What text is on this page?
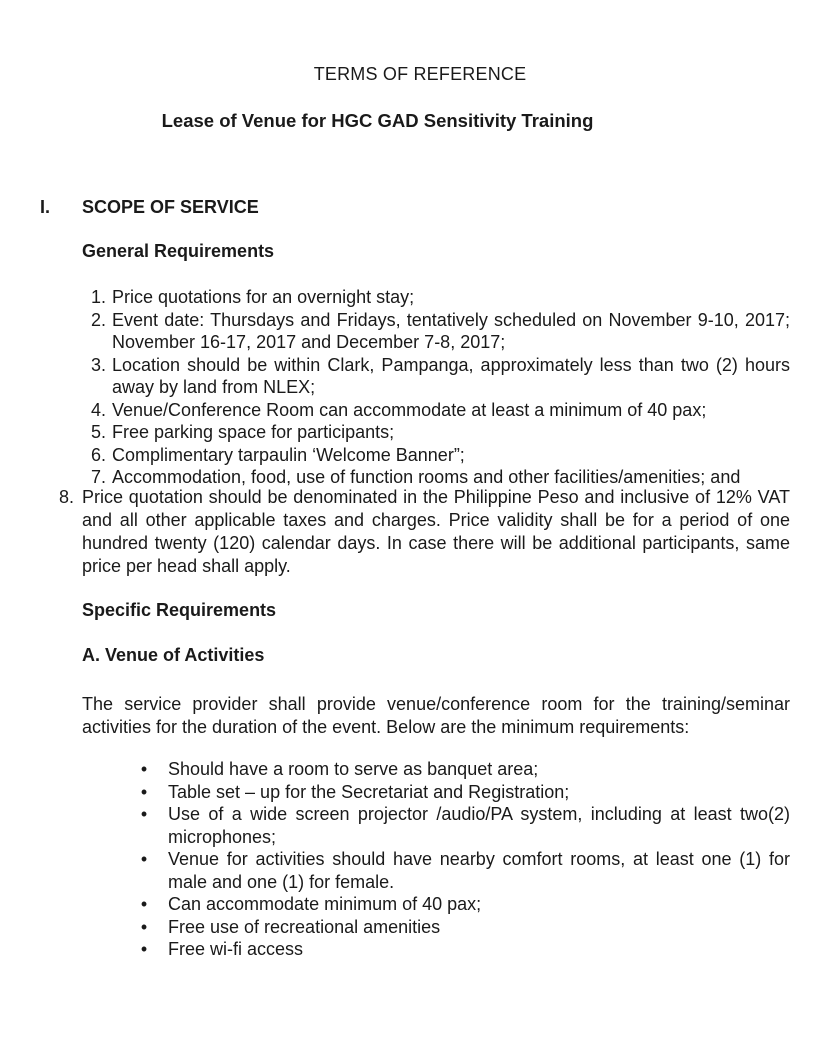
TERMS OF REFERENCE
Lease of Venue for HGC GAD Sensitivity Training
I. SCOPE OF SERVICE
General Requirements
1. Price quotations for an overnight stay;
2. Event date: Thursdays and Fridays, tentatively scheduled on November 9-10, 2017; November 16-17, 2017 and December 7-8, 2017;
3. Location should be within Clark, Pampanga, approximately less than two (2) hours away by land from NLEX;
4. Venue/Conference Room can accommodate at least a minimum of 40 pax;
5. Free parking space for participants;
6. Complimentary tarpaulin ‘Welcome Banner”;
7. Accommodation, food, use of function rooms and other facilities/amenities; and
8. Price quotation should be denominated in the Philippine Peso and inclusive of 12% VAT and all other applicable taxes and charges. Price validity shall be for a period of one hundred twenty (120) calendar days. In case there will be additional participants, same price per head shall apply.
Specific Requirements
A. Venue of Activities
The service provider shall provide venue/conference room for the training/seminar activities for the duration of the event. Below are the minimum requirements:
• Should have a room to serve as banquet area;
• Table set – up for the Secretariat and Registration;
• Use of a wide screen projector /audio/PA system, including at least two(2) microphones;
• Venue for activities should have nearby comfort rooms, at least one (1) for male and one (1) for female.
• Can accommodate minimum of 40 pax;
• Free use of recreational amenities
• Free wi-fi access
